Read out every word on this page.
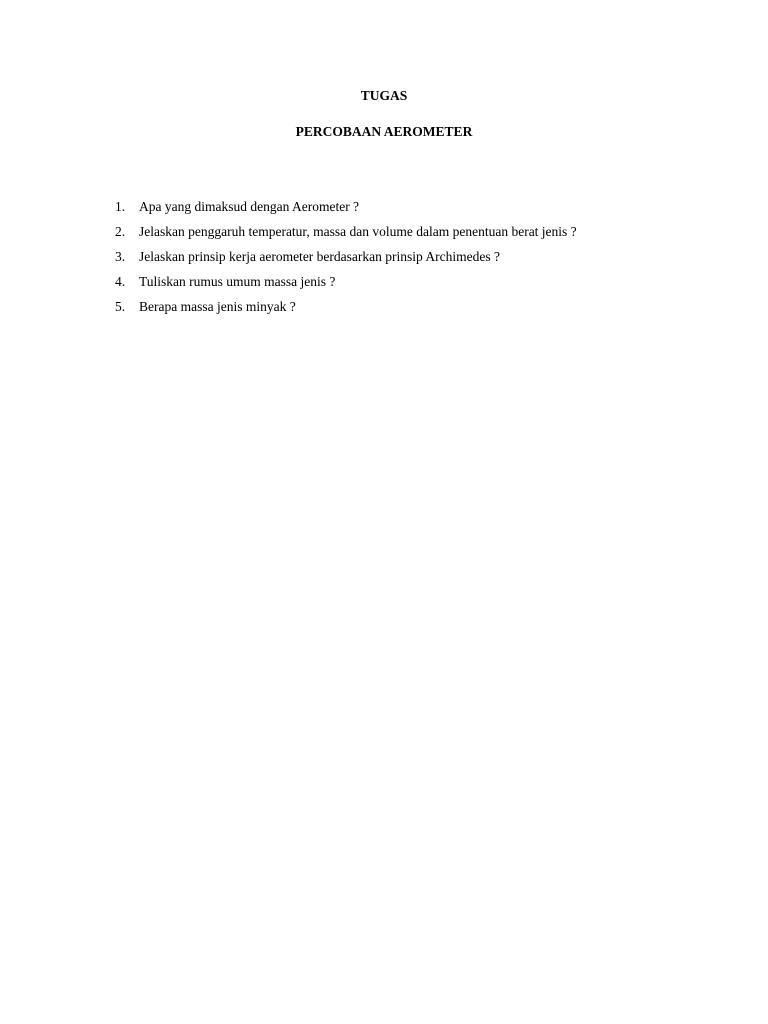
TUGAS
PERCOBAAN AEROMETER
1.	Apa yang dimaksud dengan Aerometer ?
2.	Jelaskan penggaruh temperatur, massa dan volume dalam penentuan berat jenis ?
3.	Jelaskan prinsip kerja aerometer berdasarkan prinsip Archimedes ?
4.	Tuliskan rumus umum massa jenis ?
5.	Berapa massa jenis minyak ?
